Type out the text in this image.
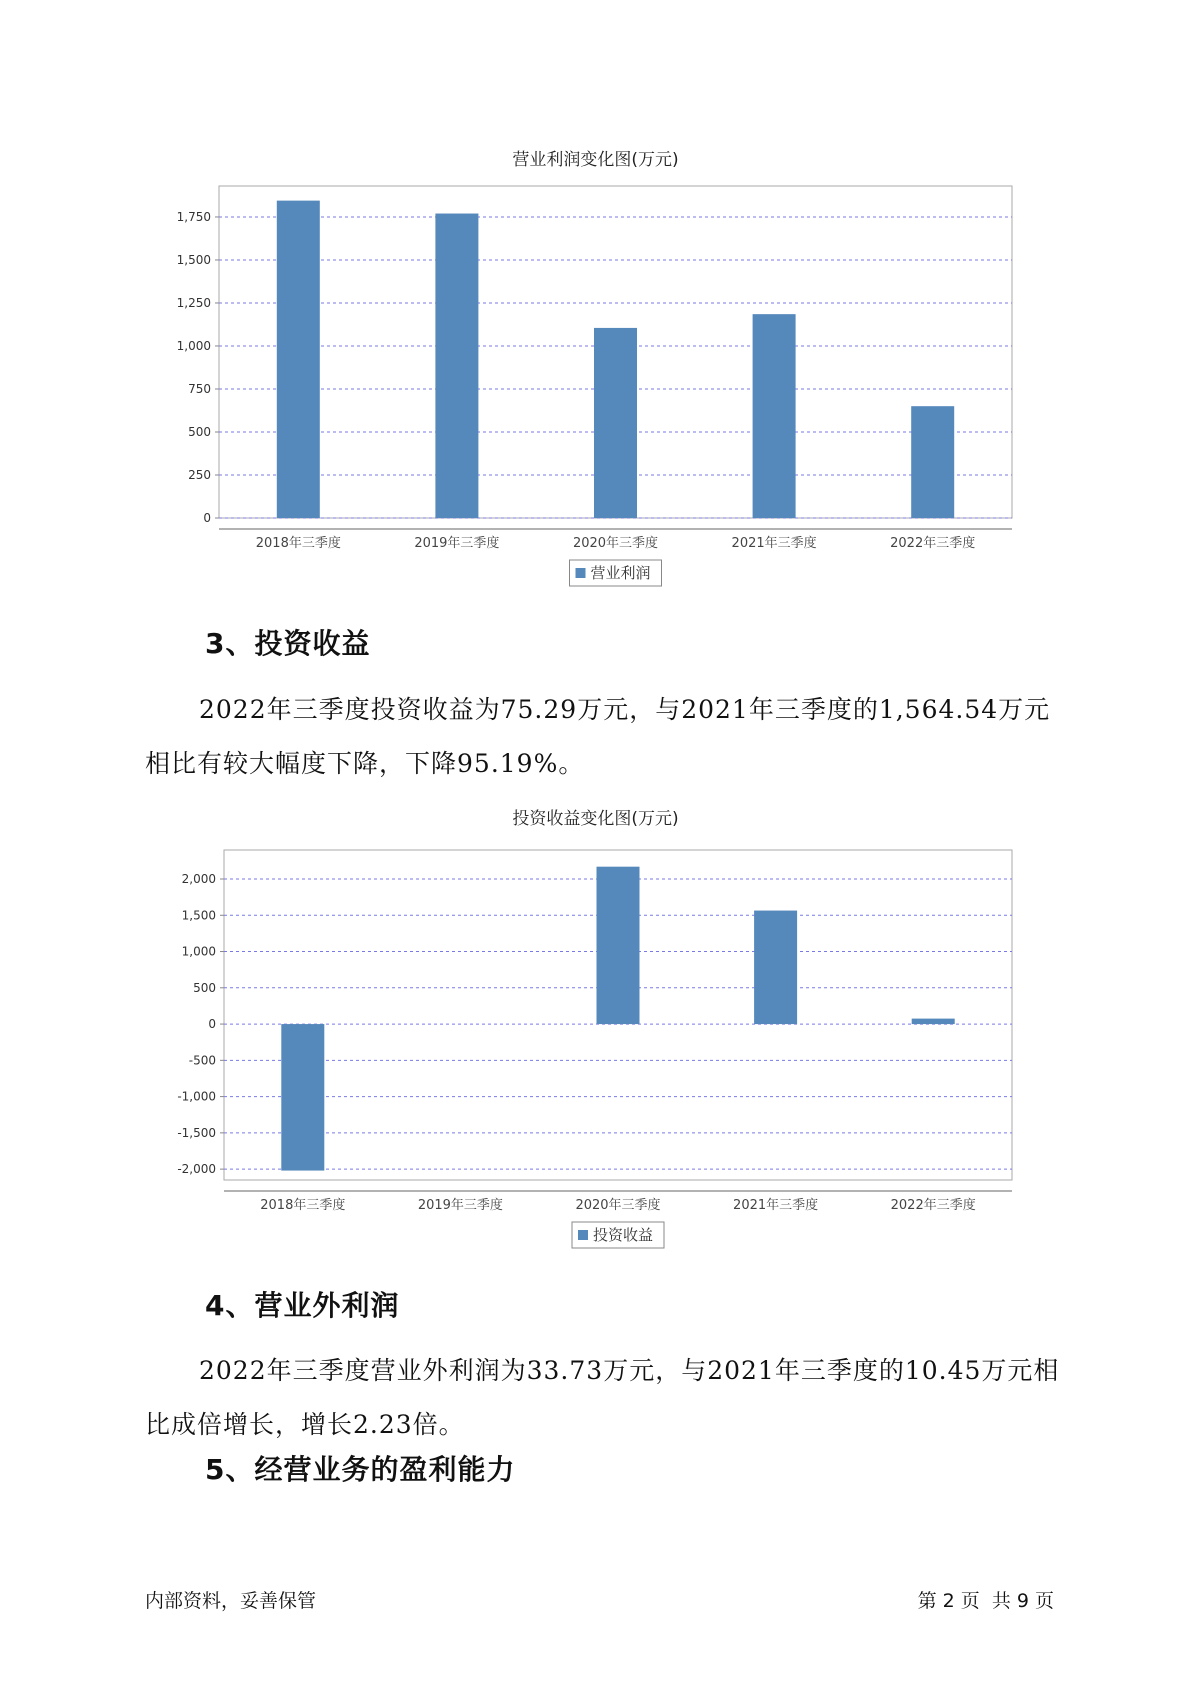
营业利润变化图(万元)
0
250
500
750
1,000
1,250
1,500
1,750
2018年三季度	2019年三季度	2020年三季度	2021年三季度	2022年三季度
营业利润
3、投资收益

2022年三季度投资收益为75.29万元，与2021年三季度的1,564.54万元相比有较大幅度下降，下降95.19%。

投资收益变化图(万元)
-2,000
-1,500
-1,000
-500
0
500
1,000
1,500
2,000
2018年三季度	2019年三季度	2020年三季度	2021年三季度	2022年三季度
投资收益
4、营业外利润

2022年三季度营业外利润为33.73万元，与2021年三季度的10.45万元相比成倍增长，增长2.23倍。

5、经营业务的盈利能力
内部资料，妥善保管	第 2 页  共 9 页
